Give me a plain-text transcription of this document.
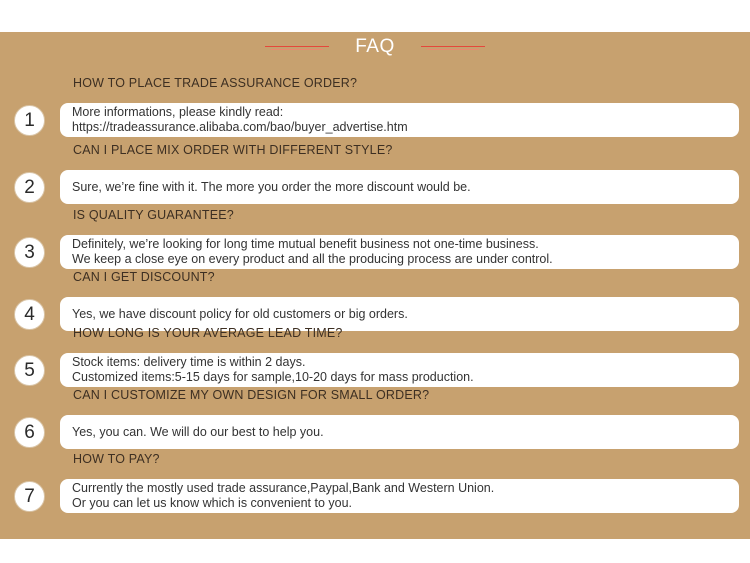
FAQ
HOW TO PLACE TRADE ASSURANCE ORDER?
More informations, please kindly read:
https://tradeassurance.alibaba.com/bao/buyer_advertise.htm
1
CAN I PLACE MIX ORDER WITH DIFFERENT STYLE?
Sure, we’re fine with it. The more you order the more discount would be.
2
IS QUALITY GUARANTEE?
Definitely, we’re looking for long time mutual benefit business not one-time business.
We keep a close eye on every product and all the producing process are under control.
3
CAN I GET DISCOUNT?
Yes, we have discount policy for old customers or big orders.
4
HOW LONG IS YOUR AVERAGE LEAD TIME?
Stock items: delivery time is within 2 days.
Customized items:5-15 days for sample,10-20 days for mass production.
5
CAN I CUSTOMIZE MY OWN DESIGN FOR SMALL ORDER?
Yes, you can. We will do our best to help you.
6
HOW TO PAY?
Currently the mostly used trade assurance,Paypal,Bank and Western Union.
Or you can let us know which is convenient to you.
7
